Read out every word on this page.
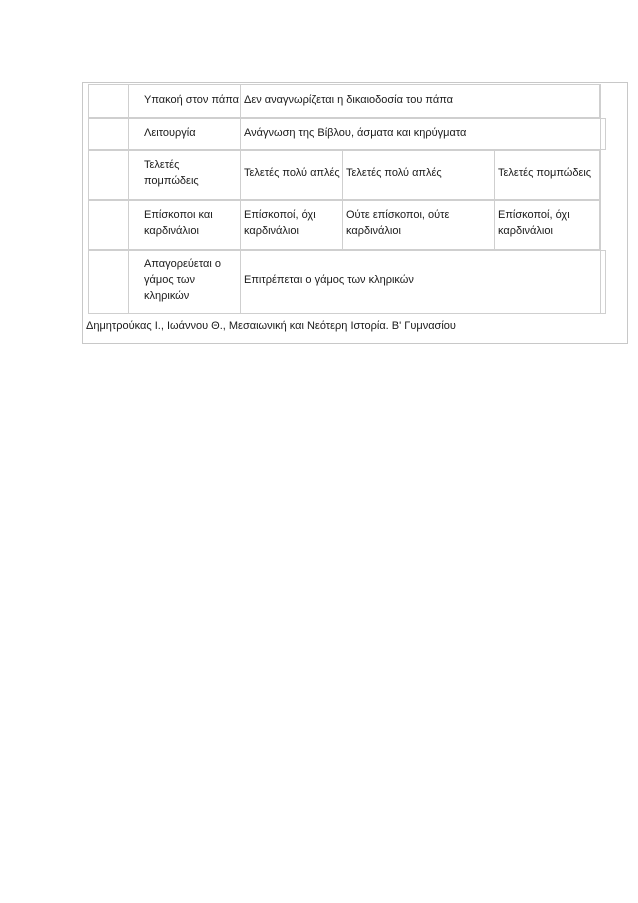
Υπακοή στον πάπα Δεν αναγνωρίζεται η δικαιοδοσία του πάπα
Λειτουργία	Ανάγνωση της Βίβλου, άσματα και κηρύγματα
Τελετές
πομπώδεις
Τελετές πολύ απλές Τελετές πολύ απλές	Τελετές πομπώδεις
Επίσκοποι και
καρδινάλιοι
Επίσκοποί, όχι
καρδινάλιοι
Ούτε επίσκοποι, ούτε
καρδινάλιοι
Επίσκοποί, όχι
καρδινάλιοι
Απαγορεύεται ο
γάμος των
κληρικών
Επιτρέπεται ο γάμος των κληρικών
Δημητρούκας Ι., Ιωάννου Θ., Μεσαιωνική και Νεότερη Ιστορία. Β' Γυμνασίου
